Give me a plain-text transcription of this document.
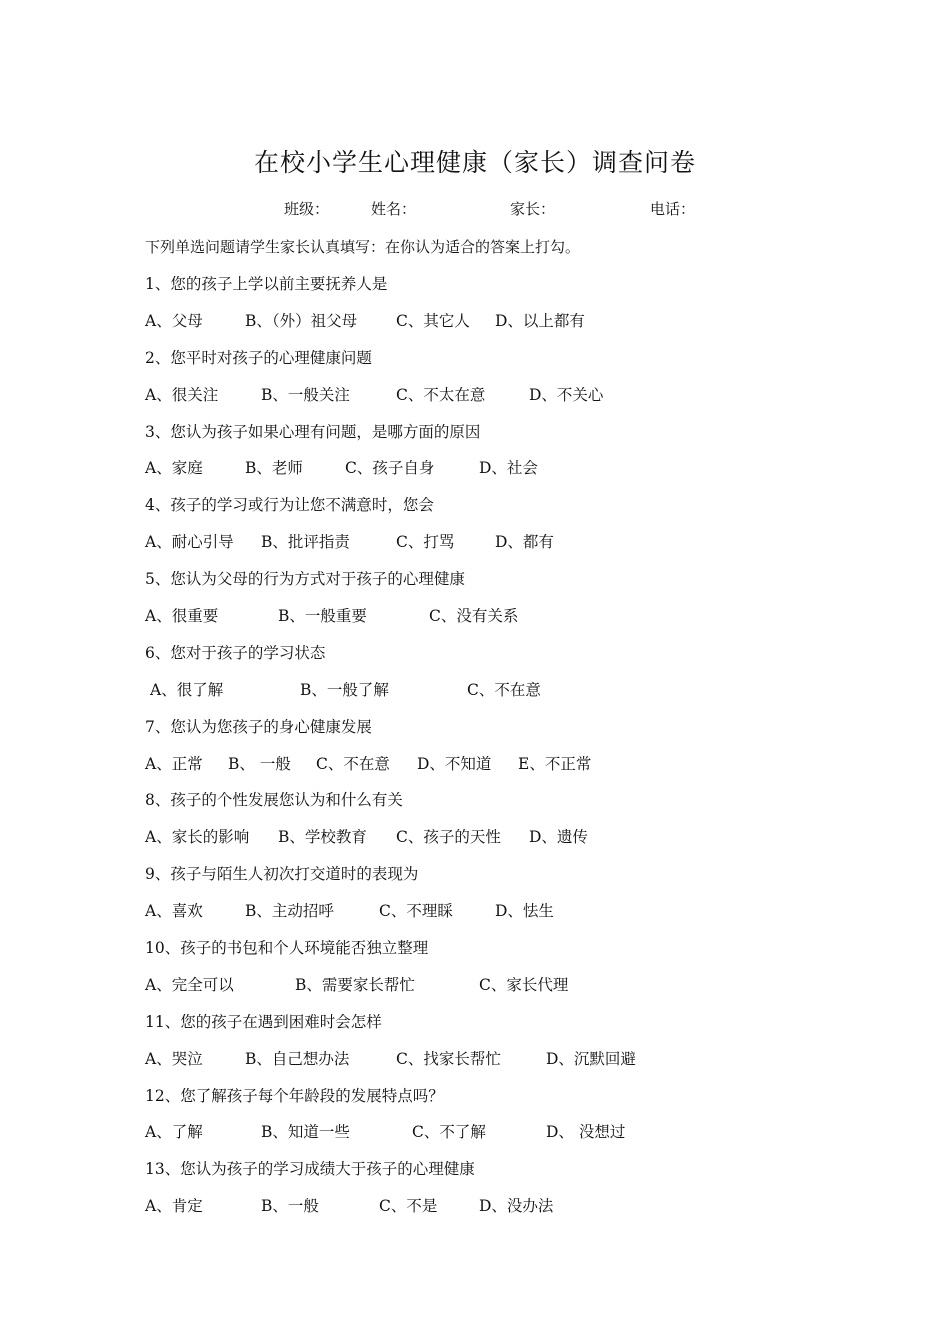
在校小学生心理健康（家长）调查问卷
班级：	姓名：	家长：	电话：
下列单选问题请学生家长认真填写：在你认为适合的答案上打勾。
1、您的孩子上学以前主要抚养人是
A、父母	B、（外）祖父母	C、其它人 D、以上都有
2、您平时对孩子的心理健康问题
A、很关注	B、一般关注	C、不太在意	D、不关心
3、您认为孩子如果心理有问题，是哪方面的原因
A、家庭	B、老师	C、孩子自身	D、社会
4、孩子的学习或行为让您不满意时，您会
A、耐心引导 B、批评指责	C、打骂	D、都有
5、您认为父母的行为方式对于孩子的心理健康
A、很重要	B、一般重要	C、没有关系
6、您对于孩子的学习状态
A、很了解	B、一般了解	C、不在意
7、您认为您孩子的身心健康发展
A、正常 B、 一般 C、不在意 D、不知道 E、不正常
8、孩子的个性发展您认为和什么有关
A、家长的影响 B、学校教育 C、孩子的天性 D、遗传
9、孩子与陌生人初次打交道时的表现为
A、喜欢	B、主动招呼	C、不理睬	D、怯生
10、孩子的书包和个人环境能否独立整理
A、完全可以	B、需要家长帮忙	C、家长代理
11、您的孩子在遇到困难时会怎样
A、哭泣	B、自己想办法	C、找家长帮忙	D、沉默回避
12、您了解孩子每个年龄段的发展特点吗？
A、了解	B、知道一些	C、不了解	D、 没想过
13、您认为孩子的学习成绩大于孩子的心理健康
A、肯定	B、一般	C、不是	D、没办法
